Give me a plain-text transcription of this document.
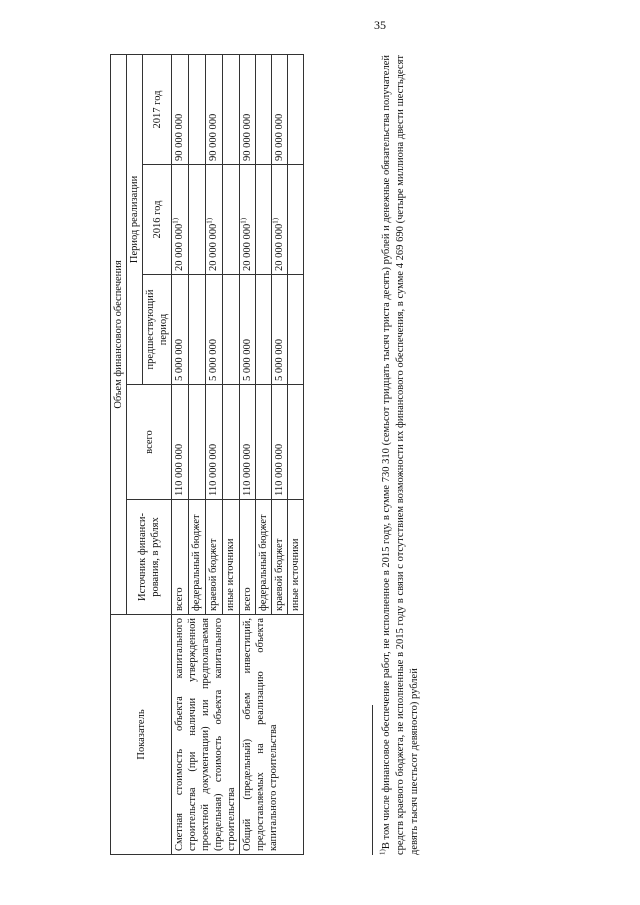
35
Показатель	Объем финансового обеспечения				
	Источник финанси-рования, в рублях	всего	Период реализации		
			предшествующий период	2016 год	2017 год
Сметная стоимость объекта капитального строительства (при наличии утвержденной проектной документации) или предполагаемая (предельная) стоимость объекта капитального строительства	всего	110 000 000	5 000 000	20 000 000$^{1)}$	90 000 000
	федеральный бюджет				
	краевой бюджет	110 000 000	5 000 000	20 000 000$^{1)}$	90 000 000
	иные источники				
Общий (предельный) объем инвестиций, предоставляемых на реализацию объекта капитального строительства	всего	110 000 000	5 000 000	20 000 000$^{1)}$	90 000 000
	федеральный бюджет				
	краевой бюджет	110 000 000	5 000 000	20 000 000$^{1)}$	90 000 000
	иные источники				
$^{1)}$В том числе финансовое обеспечение работ, не исполненное в 2015 году, в сумме 730 310 (семьсот тридцать тысяч триста десять) рублей и денежные обязательства получателей средств краевого бюджета, не исполненные в 2015 году в связи с отсутствием возможности их финансового обеспечения, в сумме 4 269 690 (четыре миллиона двести шестьдесят девять тысяч шестьсот девяносто) рублей
